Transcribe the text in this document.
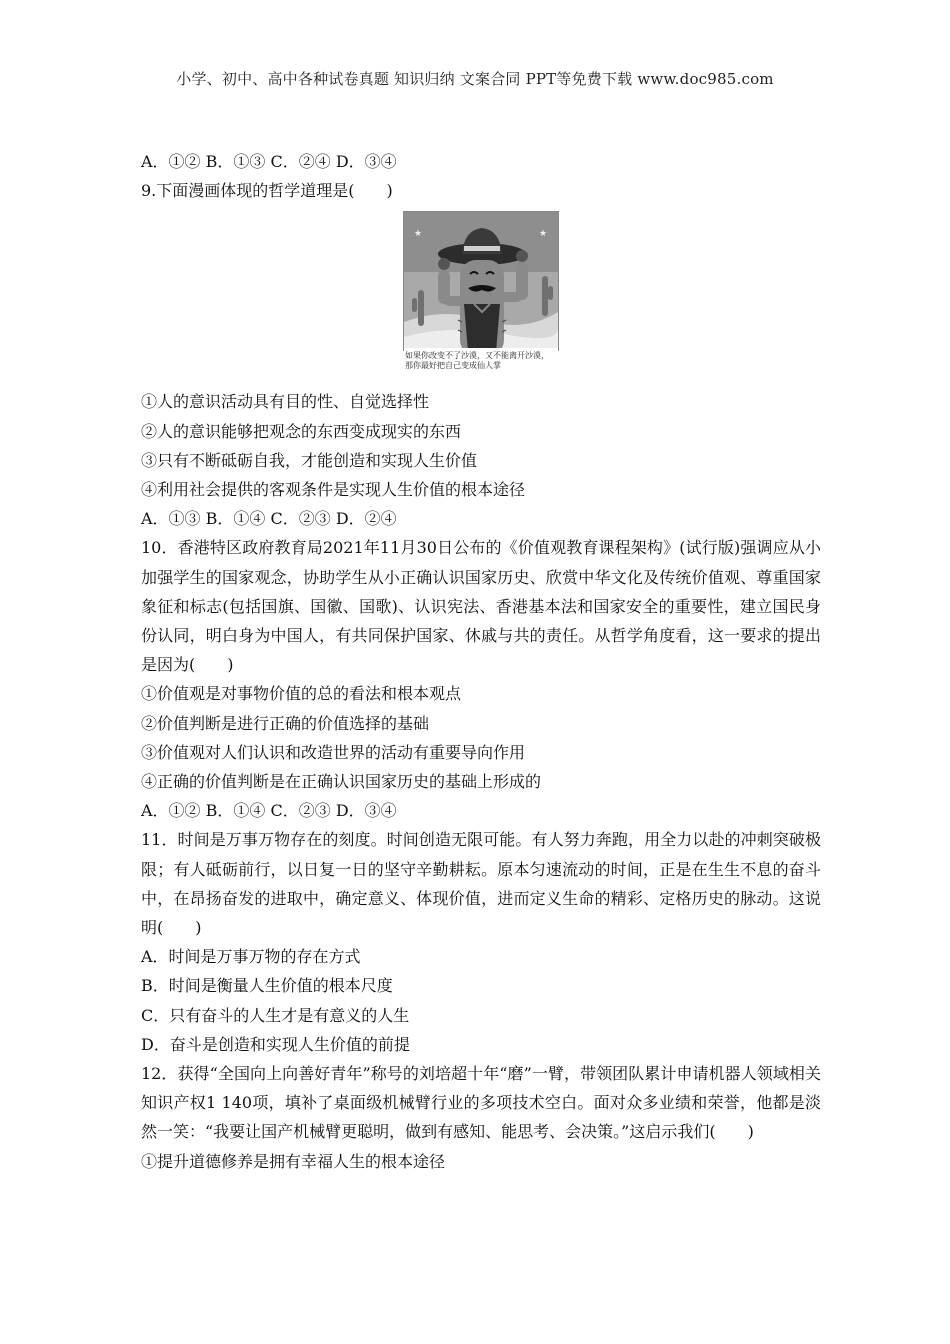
小学、初中、高中各种试卷真题 知识归纳 文案合同 PPT等免费下载 www.doc985.com

A．①② B．①③ C．②④ D．③④

9.下面漫画体现的哲学道理是(　　)

★	★
如果你改变不了沙漠，又不能离开沙漠，
那你最好把自己变成仙人掌

①人的意识活动具有目的性、自觉选择性

②人的意识能够把观念的东西变成现实的东西

③只有不断砥砺自我，才能创造和实现人生价值

④利用社会提供的客观条件是实现人生价值的根本途径

A．①③ B．①④ C．②③ D．②④

10．香港特区政府教育局2021年11月30日公布的《价值观教育课程架构》(试行版)强调应从小加强学生的国家观念，协助学生从小正确认识国家历史、欣赏中华文化及传统价值观、尊重国家象征和标志(包括国旗、国徽、国歌)、认识宪法、香港基本法和国家安全的重要性，建立国民身份认同，明白身为中国人，有共同保护国家、休戚与共的责任。从哲学角度看，这一要求的提出是因为(　　)

①价值观是对事物价值的总的看法和根本观点

②价值判断是进行正确的价值选择的基础

③价值观对人们认识和改造世界的活动有重要导向作用

④正确的价值判断是在正确认识国家历史的基础上形成的

A．①② B．①④ C．②③ D．③④

11．时间是万事万物存在的刻度。时间创造无限可能。有人努力奔跑，用全力以赴的冲刺突破极限；有人砥砺前行，以日复一日的坚守辛勤耕耘。原本匀速流动的时间，正是在生生不息的奋斗中，在昂扬奋发的进取中，确定意义、体现价值，进而定义生命的精彩、定格历史的脉动。这说明(　　)

A．时间是万事万物的存在方式

B．时间是衡量人生价值的根本尺度

C．只有奋斗的人生才是有意义的人生

D．奋斗是创造和实现人生价值的前提

12．获得“全国向上向善好青年”称号的刘培超十年“磨”一臂，带领团队累计申请机器人领域相关知识产权1 140项，填补了桌面级机械臂行业的多项技术空白。面对众多业绩和荣誉，他都是淡然一笑：“我要让国产机械臂更聪明，做到有感知、能思考、会决策。”这启示我们(　　)

①提升道德修养是拥有幸福人生的根本途径
